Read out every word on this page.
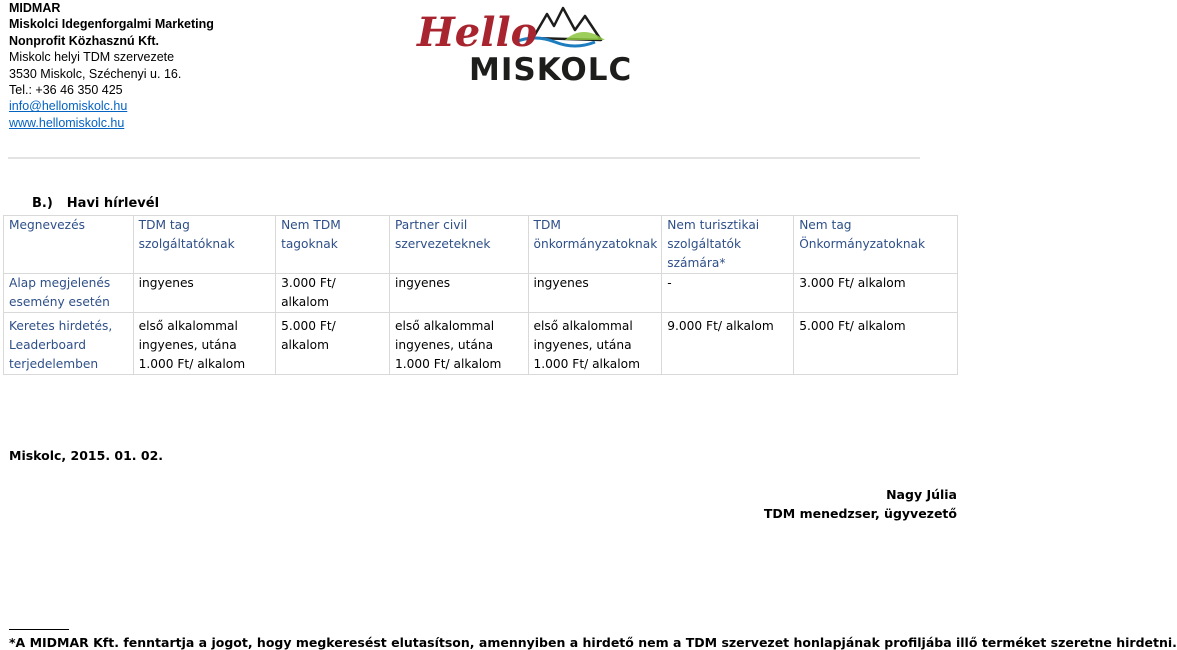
MIDMAR
Miskolci Idegenforgalmi Marketing
Nonprofit Közhasznú Kft.
Miskolc helyi TDM szervezete
3530 Miskolc, Széchenyi u. 16.
Tel.: +36 46 350 425
info@hellomiskolc.hu
www.hellomiskolc.hu
Hello
MISKOLC
B.) Havi hírlevél
Megnevezés	TDM tag szolgáltatóknak	Nem TDM tagoknak	Partner civil szervezeteknek	TDM önkormányzatoknak	Nem turisztikai szolgáltatók számára*	Nem tag Önkormányzatoknak
Alap megjelenés esemény esetén	ingyenes	3.000 Ft/ alkalom	ingyenes	ingyenes	-	3.000 Ft/ alkalom
Keretes hirdetés, Leaderboard terjedelemben	első alkalommal ingyenes, utána 1.000 Ft/ alkalom	5.000 Ft/ alkalom	első alkalommal ingyenes, utána 1.000 Ft/ alkalom	első alkalommal ingyenes, utána 1.000 Ft/ alkalom	9.000 Ft/ alkalom	5.000 Ft/ alkalom
Miskolc, 2015. 01. 02.
Nagy Júlia
TDM menedzser, ügyvezető
*A MIDMAR Kft. fenntartja a jogot, hogy megkeresést elutasítson, amennyiben a hirdető nem a TDM szervezet honlapjának profiljába illő terméket szeretne hirdetni.
